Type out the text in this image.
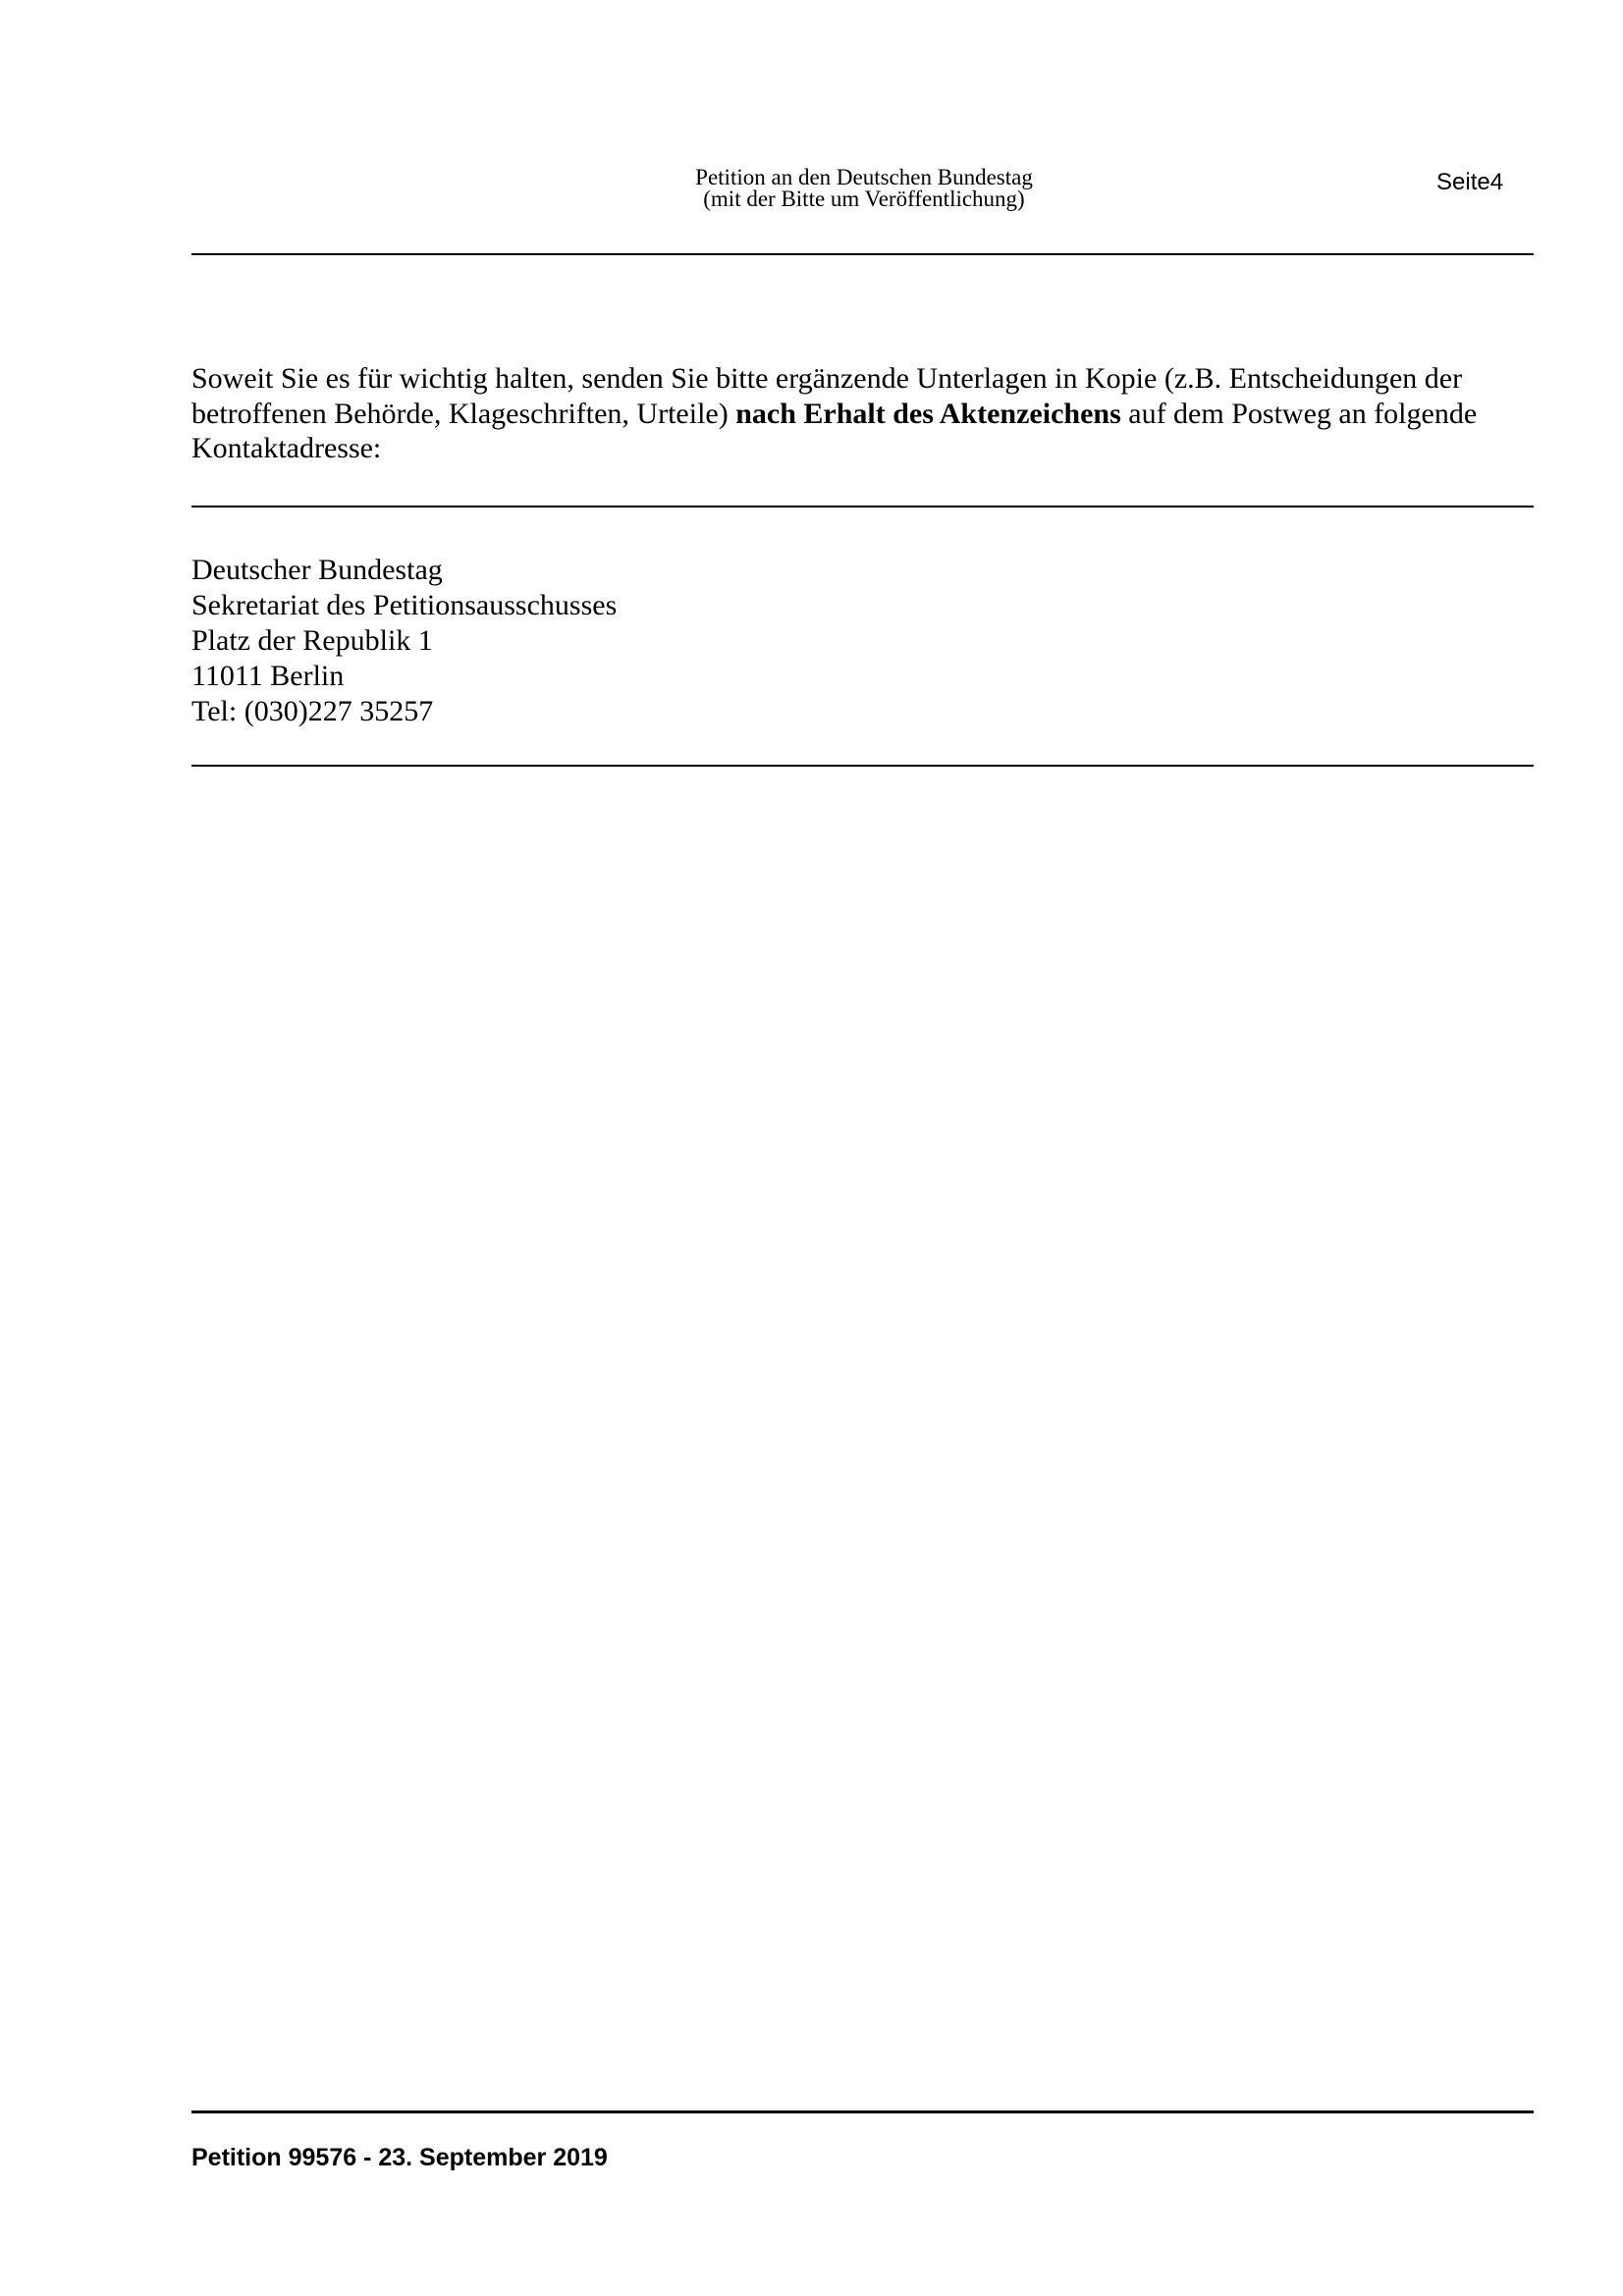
Petition an den Deutschen Bundestag
(mit der Bitte um Veröffentlichung)
Seite4
Soweit Sie es für wichtig halten, senden Sie bitte ergänzende Unterlagen in Kopie (z.B. Entscheidungen der betroffenen Behörde, Klageschriften, Urteile) nach Erhalt des Aktenzeichens auf dem Postweg an folgende Kontaktadresse:
Deutscher Bundestag
Sekretariat des Petitionsausschusses
Platz der Republik 1
11011 Berlin
Tel: (030)227 35257
Petition 99576 - 23. September 2019
